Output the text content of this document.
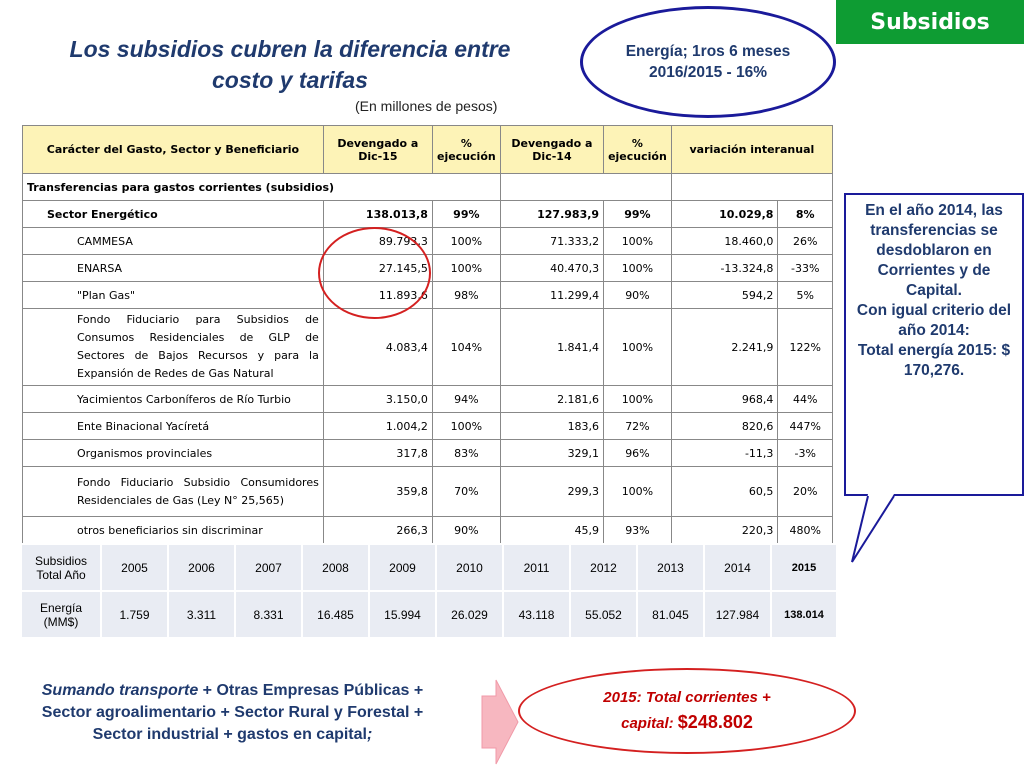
Subsidios
Los subsidios cubren la diferencia entre costo y tarifas
(En millones de pesos)
Energía; 1ros 6 meses 2016/2015 - 16%
Carácter del Gasto, Sector y Beneficiario	Devengado a Dic-15	% ejecución	Devengado a Dic-14	% ejecución	variación interanual	
Transferencias para gastos corrientes (subsidios)						
Sector Energético	138.013,8	99%	127.983,9	99%	10.029,8	8%
CAMMESA	89.793,3	100%	71.333,2	100%	18.460,0	26%
ENARSA	27.145,5	100%	40.470,3	100%	-13.324,8	-33%
"Plan Gas"	11.893,6	98%	11.299,4	90%	594,2	5%
Fondo Fiduciario para Subsidios de Consumos Residenciales de GLP de Sectores de Bajos Recursos y para la Expansión de Redes de Gas Natural	4.083,4	104%	1.841,4	100%	2.241,9	122%
Yacimientos Carboníferos de Río Turbio	3.150,0	94%	2.181,6	100%	968,4	44%
Ente Binacional Yacíretá	1.004,2	100%	183,6	72%	820,6	447%
Organismos provinciales	317,8	83%	329,1	96%	-11,3	-3%
Fondo Fiduciario Subsidio Consumidores Residenciales de Gas (Ley N° 25,565)	359,8	70%	299,3	100%	60,5	20%
otros beneficiarios sin discriminar	266,3	90%	45,9	93%	220,3	480%

En el año 2014, las transferencias se desdoblaron en Corrientes y de Capital.

Con igual criterio del año 2014:

Total energía 2015: $ 170,276.

Subsidios Total Año	2005	2006	2007	2008	2009	2010	2011	2012	2013	2014	2015
Energía (MM$)	1.759	3.311	8.331	16.485	15.994	26.029	43.118	55.052	81.045	127.984	138.014
Sumando transporte + Otras Empresas Públicas + Sector agroalimentario + Sector Rural y Forestal + Sector industrial + gastos en capital;
2015: Total corrientes +
capital: $248.802
